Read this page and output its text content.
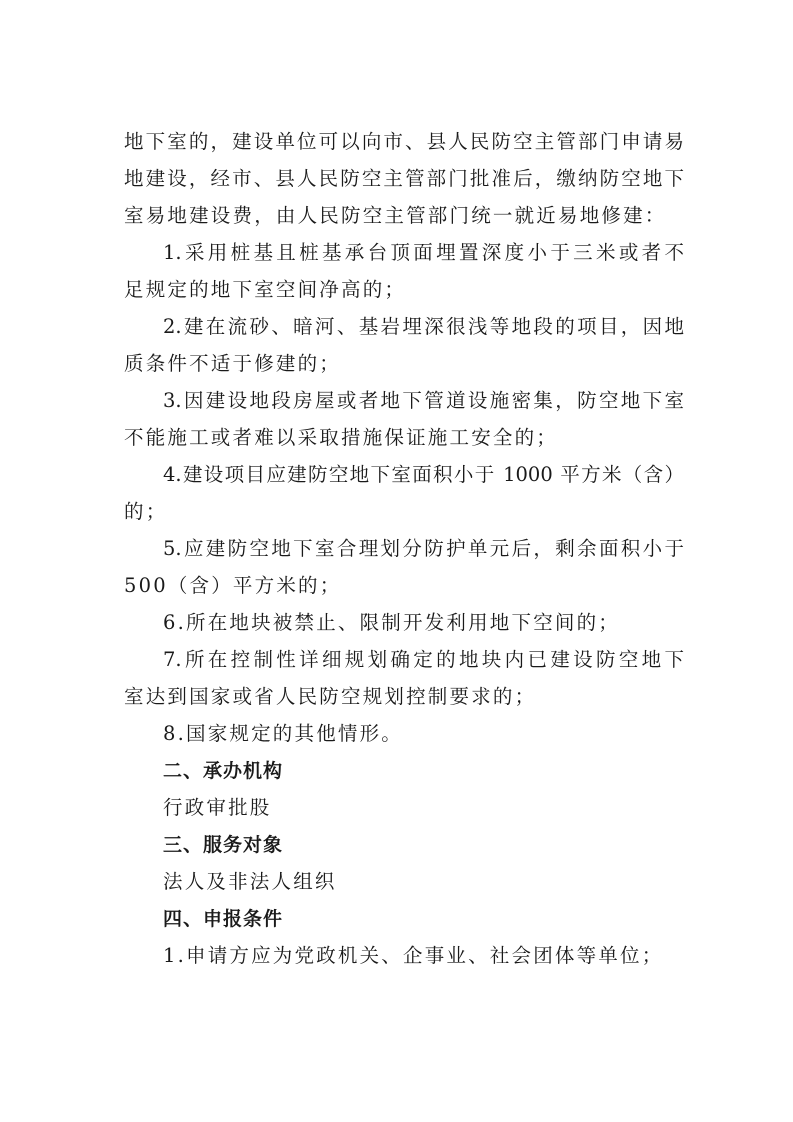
地下室的，建设单位可以向市、县人民防空主管部门申请易
地建设，经市、县人民防空主管部门批准后，缴纳防空地下
室易地建设费，由人民防空主管部门统一就近易地修建：
1.采用桩基且桩基承台顶面埋置深度小于三米或者不
足规定的地下室空间净高的；
2.建在流砂、暗河、基岩埋深很浅等地段的项目，因地
质条件不适于修建的；
3.因建设地段房屋或者地下管道设施密集，防空地下室
不能施工或者难以采取措施保证施工安全的；
4.建设项目应建防空地下室面积小于 1000 平方米（含）
的；
5.应建防空地下室合理划分防护单元后，剩余面积小于
500（含）平方米的；
6.所在地块被禁止、限制开发利用地下空间的；
7.所在控制性详细规划确定的地块内已建设防空地下
室达到国家或省人民防空规划控制要求的；
8.国家规定的其他情形。
二、承办机构
行政审批股
三、服务对象
法人及非法人组织
四、申报条件
1.申请方应为党政机关、企事业、社会团体等单位；
